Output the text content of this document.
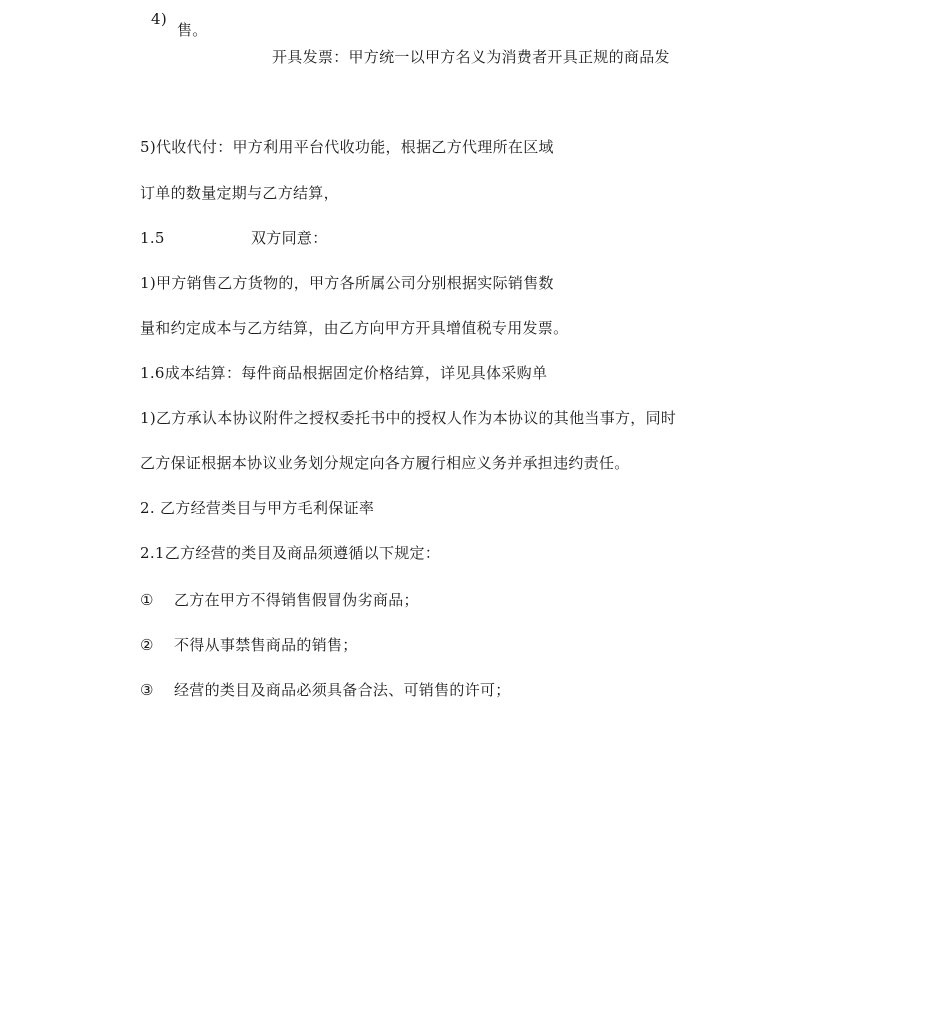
4)
售。
开具发票：甲方统一以甲方名义为消费者开具正规的商品发
5)代收代付：甲方利用平台代收功能，根据乙方代理所在区域
订单的数量定期与乙方结算，
1.5	双方同意：
1)甲方销售乙方货物的，甲方各所属公司分别根据实际销售数
量和约定成本与乙方结算，由乙方向甲方开具增值税专用发票。
1.6成本结算：每件商品根据固定价格结算，详见具体采购单
1)乙方承认本协议附件之授权委托书中的授权人作为本协议的其他当事方，同时
乙方保证根据本协议业务划分规定向各方履行相应义务并承担违约责任。
2. 乙方经营类目与甲方毛利保证率
2.1乙方经营的类目及商品须遵循以下规定：
① 乙方在甲方不得销售假冒伪劣商品；
② 不得从事禁售商品的销售；
③ 经营的类目及商品必须具备合法、可销售的许可；
